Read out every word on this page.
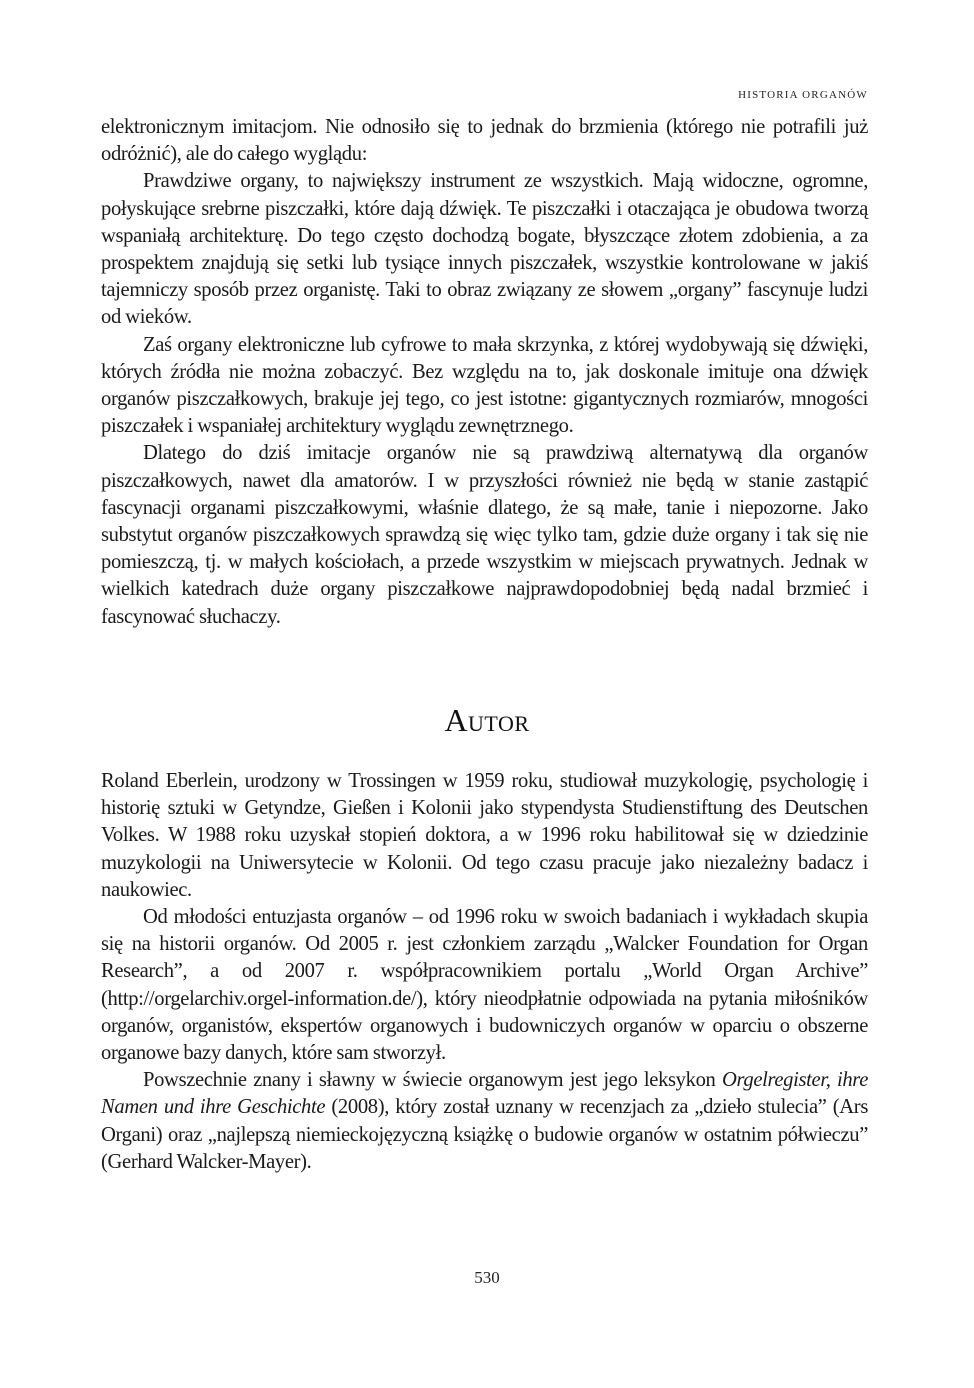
HISTORIA ORGANÓW

elektronicznym imitacjom. Nie odnosiło się to jednak do brzmienia (którego nie potrafili już odróżnić), ale do całego wyglądu:

Prawdziwe organy, to największy instrument ze wszystkich. Mają widoczne, ogromne, połyskujące srebrne piszczałki, które dają dźwięk. Te piszczałki i otaczająca je obudowa tworzą wspaniałą architekturę. Do tego często dochodzą bogate, błyszczące złotem zdobienia, a za prospektem znajdują się setki lub tysiące innych piszczałek, wszystkie kontrolowane w jakiś tajemniczy sposób przez organistę. Taki to obraz związany ze słowem „organy” fascynuje ludzi od wieków.

Zaś organy elektroniczne lub cyfrowe to mała skrzynka, z której wydobywają się dźwięki, których źródła nie można zobaczyć. Bez względu na to, jak doskonale imituje ona dźwięk organów piszczałkowych, brakuje jej tego, co jest istotne: gigantycznych rozmiarów, mnogości piszczałek i wspaniałej architektury wyglądu zewnętrznego.

Dlatego do dziś imitacje organów nie są prawdziwą alternatywą dla organów piszczałkowych, nawet dla amatorów. I w przyszłości również nie będą w stanie zastąpić fascynacji organami piszczałkowymi, właśnie dlatego, że są małe, tanie i niepozorne. Jako substytut organów piszczałkowych sprawdzą się więc tylko tam, gdzie duże organy i tak się nie pomieszczą, tj. w małych kościołach, a przede wszystkim w miejscach prywatnych. Jednak w wielkich katedrach duże organy piszczałkowe najprawdopodobniej będą nadal brzmieć i fascynować słuchaczy.

Autor

Roland Eberlein, urodzony w Trossingen w 1959 roku, studiował muzykologię, psychologię i historię sztuki w Getyndze, Gießen i Kolonii jako stypendysta Studienstiftung des Deutschen Volkes. W 1988 roku uzyskał stopień doktora, a w 1996 roku habilitował się w dziedzinie muzykologii na Uniwersytecie w Kolonii. Od tego czasu pracuje jako niezależny badacz i naukowiec.

Od młodości entuzjasta organów – od 1996 roku w swoich badaniach i wykładach skupia się na historii organów. Od 2005 r. jest członkiem zarządu „Walcker Foundation for Organ Research”, a od 2007 r. współpracownikiem portalu „World Organ Archive” (http://orgelarchiv.orgel-information.de/), który nieodpłatnie odpowiada na pytania miłośników organów, organistów, ekspertów organowych i budowniczych organów w oparciu o obszerne organowe bazy danych, które sam stworzył.

Powszechnie znany i sławny w świecie organowym jest jego leksykon Orgelregister, ihre Namen und ihre Geschichte (2008), który został uznany w recenzjach za „dzieło stulecia” (Ars Organi) oraz „najlepszą niemieckojęzyczną książkę o budowie organów w ostatnim półwieczu” (Gerhard Walcker-Mayer).

530
